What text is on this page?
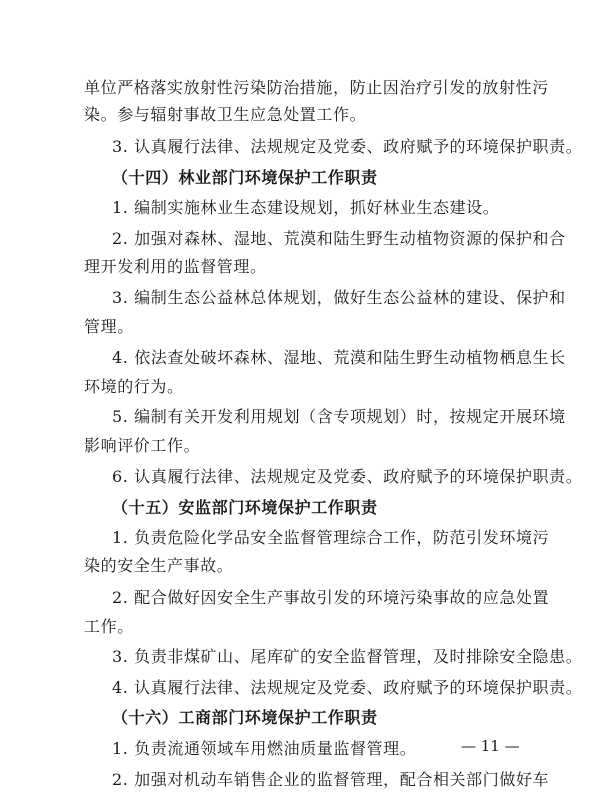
单位严格落实放射性污染防治措施，防止因治疗引发的放射性污
染。参与辐射事故卫生应急处置工作。
3. 认真履行法律、法规规定及党委、政府赋予的环境保护职责。
（十四）林业部门环境保护工作职责
1. 编制实施林业生态建设规划，抓好林业生态建设。
2. 加强对森林、湿地、荒漠和陆生野生动植物资源的保护和合
理开发利用的监督管理。
3. 编制生态公益林总体规划，做好生态公益林的建设、保护和
管理。
4. 依法查处破坏森林、湿地、荒漠和陆生野生动植物栖息生长
环境的行为。
5. 编制有关开发利用规划（含专项规划）时，按规定开展环境
影响评价工作。
6. 认真履行法律、法规规定及党委、政府赋予的环境保护职责。
（十五）安监部门环境保护工作职责
1. 负责危险化学品安全监督管理综合工作，防范引发环境污
染的安全生产事故。
2. 配合做好因安全生产事故引发的环境污染事故的应急处置
工作。
3. 负责非煤矿山、尾库矿的安全监督管理，及时排除安全隐患。
4. 认真履行法律、法规规定及党委、政府赋予的环境保护职责。
（十六）工商部门环境保护工作职责
1. 负责流通领域车用燃油质量监督管理。
2. 加强对机动车销售企业的监督管理，配合相关部门做好车
— 11 —
